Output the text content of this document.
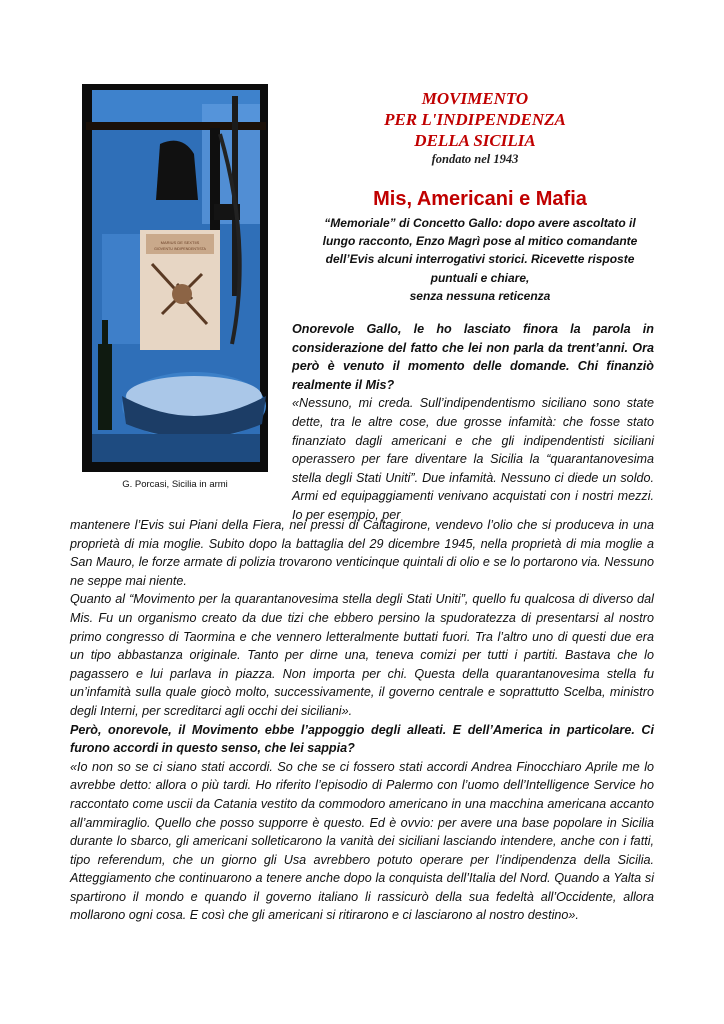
MARIUS DE SEXTIIS
GIOVENTU INDIPENDENTISTA
G. Porcasi, Sicilia in armi
MOVIMENTO
PER L'INDIPENDENZA
DELLA SICILIA
fondato nel 1943
Mis, Americani e Mafia
“Memoriale” di Concetto Gallo: dopo avere ascoltato il
lungo racconto, Enzo Magrì pose al mitico comandante
dell’Evis alcuni interrogativi storici. Ricevette risposte
puntuali e chiare,
senza nessuna reticenza

Onorevole Gallo, le ho lasciato finora la parola in considerazione del fatto che lei non parla da trent’anni. Ora però è venuto il momento delle domande. Chi finanziò realmente il Mis?

«Nessuno, mi creda. Sull’indipendentismo siciliano sono state dette, tra le altre cose, due grosse infamità: che fosse stato finanziato dagli americani e che gli indipendentisti siciliani operassero per fare diventare la Sicilia la “quarantanovesima stella degli Stati Uniti”. Due infamità. Nessuno ci diede un soldo. Armi ed equipaggiamenti venivano acquistati con i nostri mezzi. Io per esempio, per

mantenere l’Evis sui Piani della Fiera, nei pressi di Caltagirone, vendevo l’olio che si produceva in una proprietà di mia moglie. Subito dopo la battaglia del 29 dicembre 1945, nella proprietà di mia moglie a San Mauro, le forze armate di polizia trovarono venticinque quintali di olio e se lo portarono via. Nessuno ne seppe mai niente.

Quanto al “Movimento per la quarantanovesima stella degli Stati Uniti”, quello fu qualcosa di diverso dal Mis. Fu un organismo creato da due tizi che ebbero persino la spudoratezza di presentarsi al nostro primo congresso di Taormina e che vennero letteralmente buttati fuori. Tra l’altro uno di questi due era un tipo abbastanza originale. Tanto per dirne una, teneva comizi per tutti i partiti. Bastava che lo pagassero e lui parlava in piazza. Non importa per chi. Questa della quarantanovesima stella fu un’infamità sulla quale giocò molto, successivamente, il governo centrale e soprattutto Scelba, ministro degli Interni, per screditarci agli occhi dei siciliani».

Però, onorevole, il Movimento ebbe l’appoggio degli alleati. E dell’America in particolare. Ci furono accordi in questo senso, che lei sappia?

«Io non so se ci siano stati accordi. So che se ci fossero stati accordi Andrea Finocchiaro Aprile me lo avrebbe detto: allora o più tardi. Ho riferito l’episodio di Palermo con l’uomo dell’Intelligence Service ho raccontato come uscii da Catania vestito da commodoro americano in una macchina americana accanto all’ammiraglio. Quello che posso supporre è questo. Ed è ovvio: per avere una base popolare in Sicilia durante lo sbarco, gli americani solleticarono la vanità dei siciliani lasciando intendere, anche con i fatti, tipo referendum, che un giorno gli Usa avrebbero potuto operare per l’indipendenza della Sicilia. Atteggiamento che continuarono a tenere anche dopo la conquista dell’Italia del Nord. Quando a Yalta si spartirono il mondo e quando il governo italiano li rassicurò della sua fedeltà all’Occidente, allora mollarono ogni cosa. E così che gli americani si ritirarono e ci lasciarono al nostro destino».
